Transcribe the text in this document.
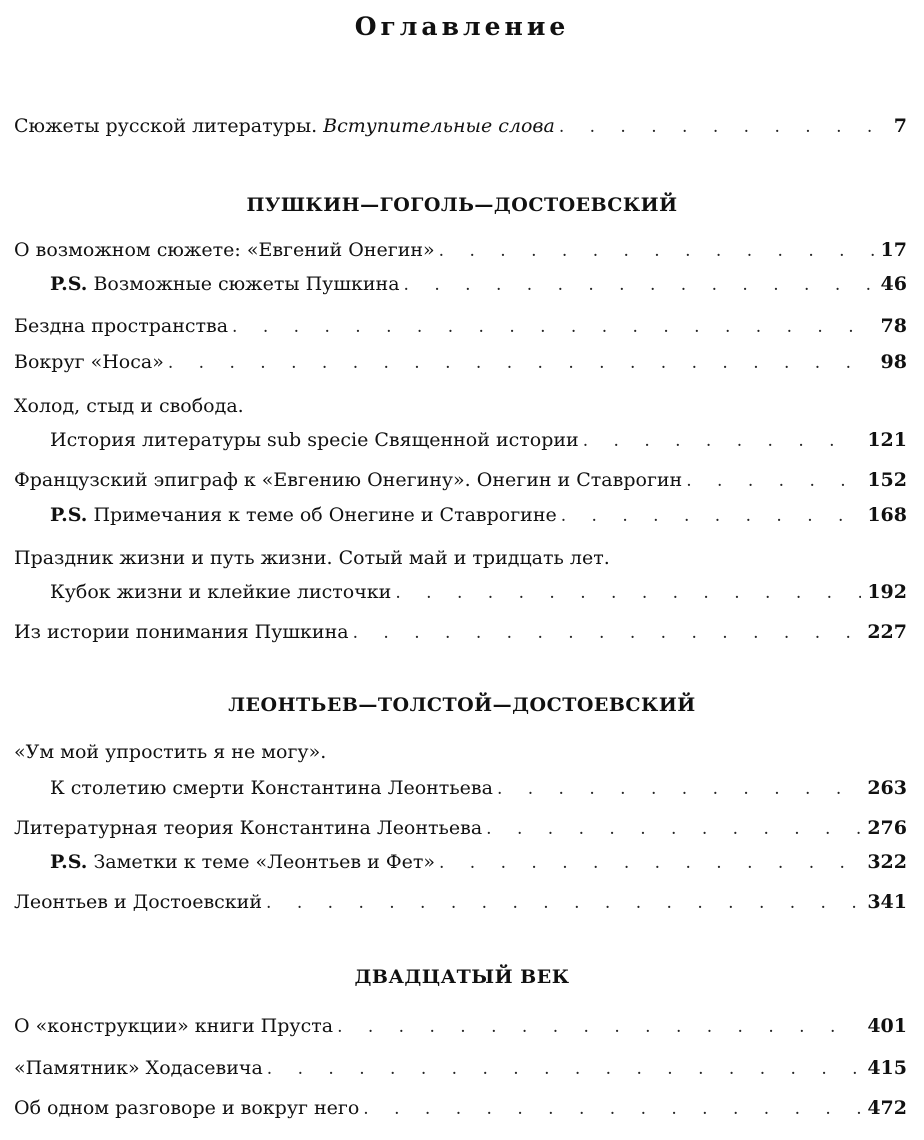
Оглавление
Сюжеты русской литературы. Вступительные слова . . .	7
ПУШКИН—ГОГОЛЬ—ДОСТОЕВСКИЙ
О возможном сюжете: «Евгений Онегин» . . .	17
P.S. Возможные сюжеты Пушкина . . .	46
Бездна пространства . . .	78
Вокруг «Носа» . . .	98
Холод, стыд и свобода.
История литературы sub specie Священной истории . . .	121
Французский эпиграф к «Евгению Онегину». Онегин и Ставрогин . . .	152
P.S. Примечания к теме об Онегине и Ставрогине . . .	168
Праздник жизни и путь жизни. Сотый май и тридцать лет.
Кубок жизни и клейкие листочки . . .	192
Из истории понимания Пушкина . . .	227
ЛЕОНТЬЕВ—ТОЛСТОЙ—ДОСТОЕВСКИЙ
«Ум мой упростить я не могу».
К столетию смерти Константина Леонтьева . . .	263
Литературная теория Константина Леонтьева . . .	276
P.S. Заметки к теме «Леонтьев и Фет» . . .	322
Леонтьев и Достоевский . . .	341
ДВАДЦАТЫЙ ВЕК
О «конструкции» книги Пруста . . .	401
«Памятник» Ходасевича . . .	415
Об одном разговоре и вокруг него . . .	472
